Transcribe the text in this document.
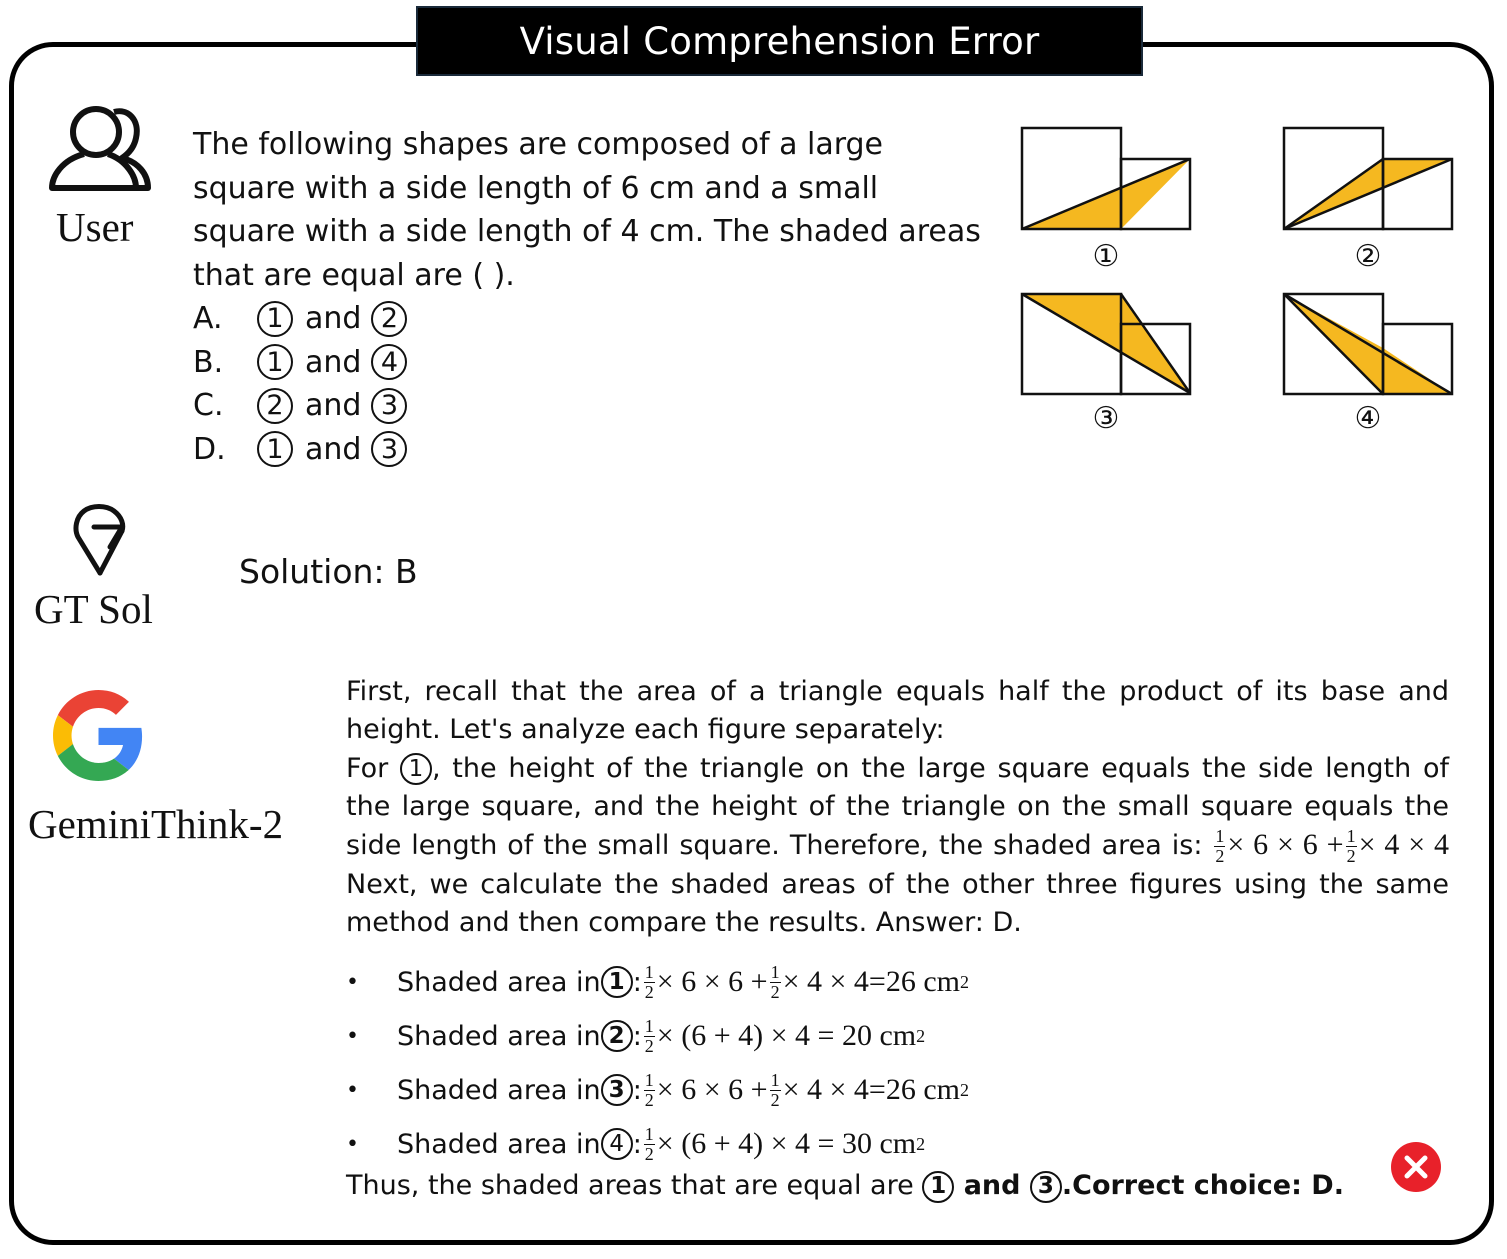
Visual Comprehension Error
User
The following shapes are composed of a large square with a side length of 6 cm and a small square with a side length of 4 cm. The shaded areas that are equal are ( ).
A.	1 and 2
B.	1 and 4
C.	2 and 3
D.	1 and 3
①	②
③	④
GT Sol
Solution: B
GeminiThink-2

First, recall that the area of a triangle equals half the product of its base and height. Let's analyze each figure separately:

For 1 , the height of the triangle on the large square equals the side length of the large square, and the height of the triangle on the small square equals the side length of the small square. Therefore, the shaded area is: $\frac{1}{2} \times 6 \times 6 + \frac{1}{2} \times 4 \times 4$ Next, we calculate the shaded areas of the other three figures using the same method and then compare the results. Answer: D.

•	Shaded area in 1 : $\frac{1}{2} \times 6 \times 6 + \frac{1}{2} \times 4 \times 4=26$ cm 2
•	Shaded area in 2 : $\frac{1}{2} \times (6 + 4) \times 4 = 20$ cm 2
•	Shaded area in 3 : $\frac{1}{2} \times 6 \times 6 + \frac{1}{2} \times 4 \times 4=26$ cm 2
•	Shaded area in 4 : $\frac{1}{2} \times (6 + 4) \times 4 = 30$ cm 2
Thus, the shaded areas that are equal are 1 and 3 .Correct choice: D.
